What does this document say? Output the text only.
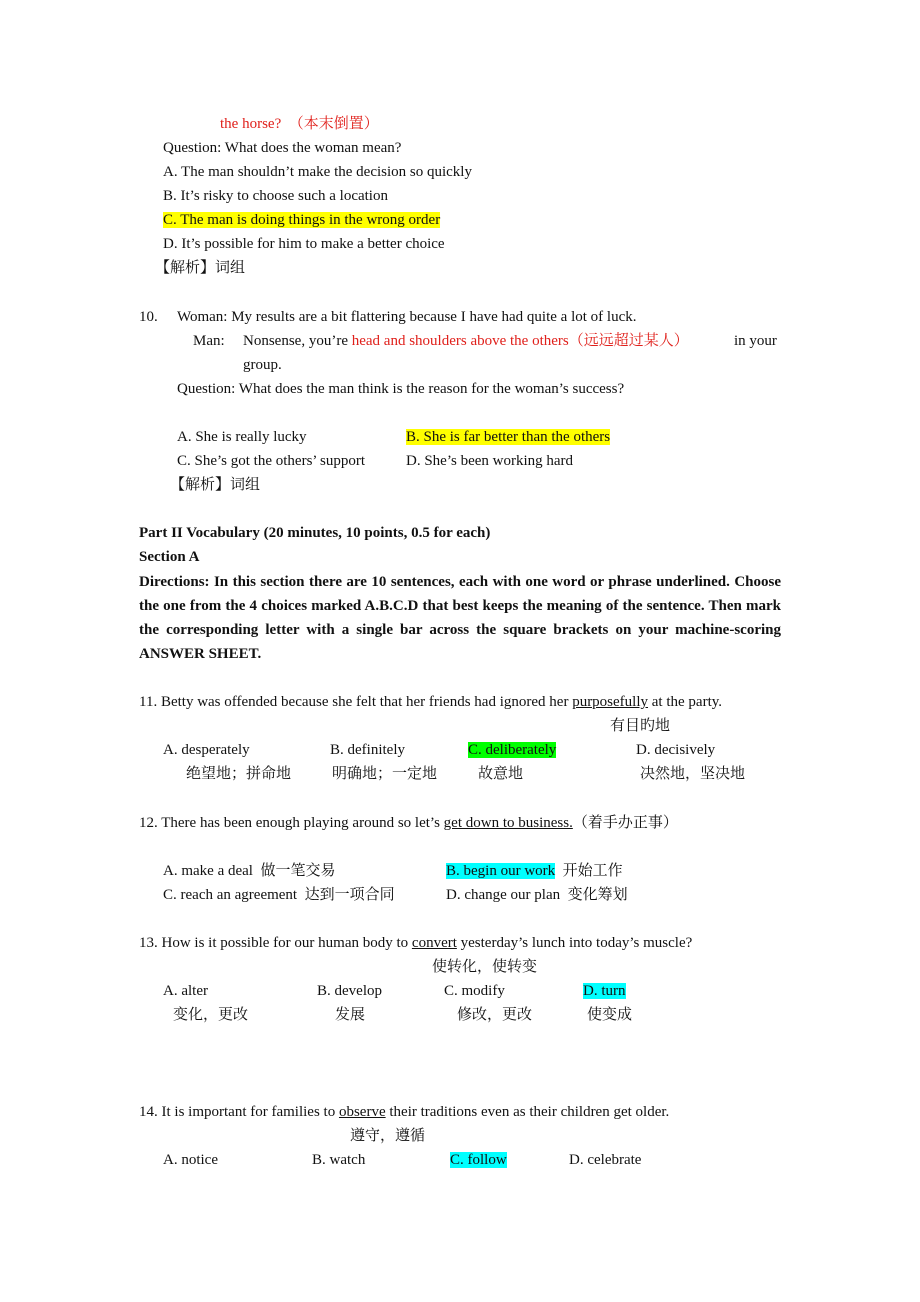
the horse? （本末倒置）
Question: What does the woman mean?
A. The man shouldn’t make the decision so quickly
B. It’s risky to choose such a location
C. The man is doing things in the wrong order
D. It’s possible for him to make a better choice
【解析】词组
10. Woman: My results are a bit flattering because I have had quite a lot of luck.
Man: Nonsense, you’re head and shoulders above the others（远远超过某人）	in your
group.
Question: What does the man think is the reason for the woman’s success?
A. She is really lucky	B. She is far better than the others
C. She’s got the others’ support	D. She’s been working hard
【解析】词组
Part II Vocabulary (20 minutes, 10 points, 0.5 for each)
Section A
Directions: In this section there are 10 sentences, each with one word or phrase underlined. Choose the one from the 4 choices marked A.B.C.D that best keeps the meaning of the sentence. Then mark the corresponding letter with a single bar across the square brackets on your machine-scoring ANSWER SHEET.
11. Betty was offended because she felt that her friends had ignored her purposefully at the party.
有目旳地
A. desperately	B. definitely	C. deliberately	D. decisively
绝望地；拼命地	明确地；一定地	故意地	决然地，坚决地
12. There has been enough playing around so let’s get down to business.（着手办正事）
A. make a deal 做一笔交易	B. begin our work 开始工作
C. reach an agreement 达到一项合同	D. change our plan 变化筹划
13. How is it possible for our human body to convert yesterday’s lunch into today’s muscle?
使转化，使转变
A. alter	B. develop	C. modify	D. turn
变化，更改	发展	修改，更改	使变成
14. It is important for families to observe their traditions even as their children get older.
遵守，遵循
A. notice	B. watch	C. follow	D. celebrate
